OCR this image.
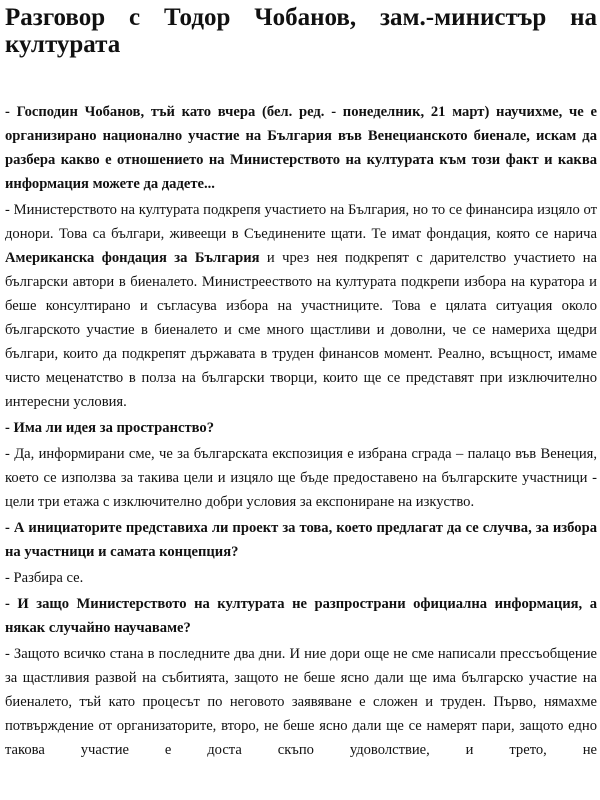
Разговор с Тодор Чобанов, зам.-министър на
културата

- Господин Чобанов, тъй като вчера (бел. ред. - понеделник, 21 март) научихме, че е организирано национално участие на България във Венецианското биенале, искам да разбера какво е отношението на Министерството на културата към този факт и каква информация можете да дадете...

- Министерството на културата подкрепя участието на България, но то се финансира изцяло от донори. Това са българи, живеещи в Съединените щати. Те имат фондация, която се нарича Американска фондация за България и чрез нея подкрепят с дарителство участието на български автори в биеналето. Министрееството на културата подкрепи избора на куратора и беше консултирано и съгласува избора на участниците. Това е цялата ситуация около българското участие в биеналето и сме много щастливи и доволни, че се намериха щедри българи, които да подкрепят държавата в труден финансов момент. Реално, всъщност, имаме чисто меценатство в полза на български творци, които ще се представят при изключително интересни условия.

- Има ли идея за пространство?

- Да, информирани сме, че за българската експозиция е избрана сграда – палацо във Венеция, което се използва за такива цели и изцяло ще бъде предоставено на българските участници - цели три етажа с изключително добри условия за експониране на изкуство.

- А инициаторите представиха ли проект за това, което предлагат да се случва, за избора на участници и самата концепция?

- Разбира се.

- И защо Министерството на културата не разпространи официална информация, а някак случайно научаваме?

- Защото всичко стана в последните два дни. И ние дори още не сме написали прессъобщение за щастливия развой на събитията, защото не беше ясно дали ще има българско участие на биеналето, тъй като процесът по неговото заявяване е сложен и труден. Първо, нямахме потвърждение от организаторите, второ, не беше ясно дали ще се намерят пари, защото едно такова участие е доста скъпо удоволствие, и трето, не
